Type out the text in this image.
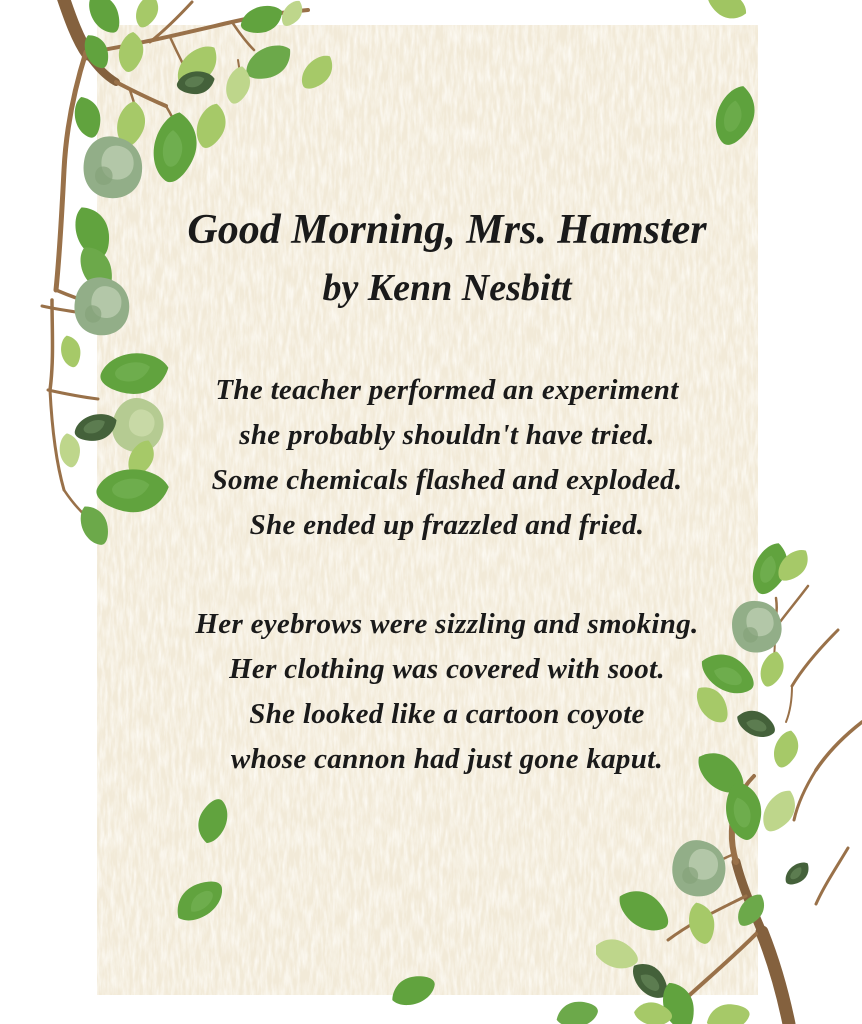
Good Morning, Mrs. Hamster
by Kenn Nesbitt
The teacher performed an experiment
she probably shouldn't have tried.
Some chemicals flashed and exploded.
She ended up frazzled and fried.
Her eyebrows were sizzling and smoking.
Her clothing was covered with soot.
She looked like a cartoon coyote
whose cannon had just gone kaput.
